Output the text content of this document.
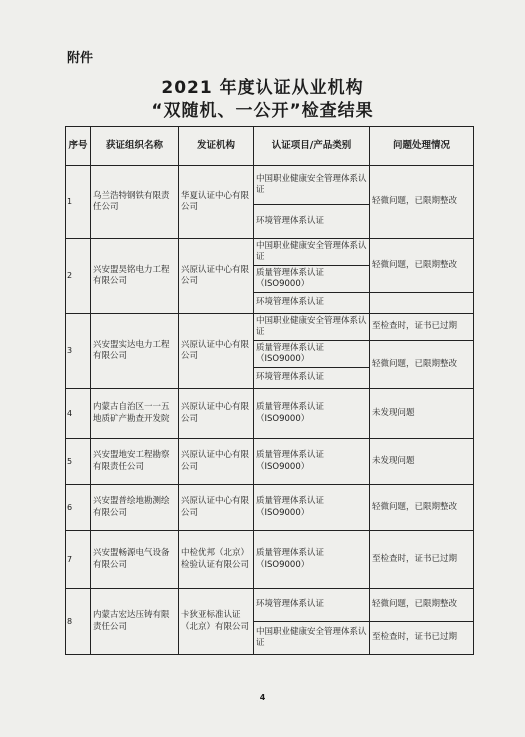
附件
2021 年度认证从业机构
“双随机、一公开”检查结果
序号	获证组织名称	发证机构	认证项目/产品类别	问题处理情况
1	乌兰浩特钢铁有限责任公司	华夏认证中心有限公司	中国职业健康安全管理体系认证	轻微问题，已限期整改
			环境管理体系认证	
2	兴安盟昊铭电力工程有限公司	兴原认证中心有限公司	中国职业健康安全管理体系认证	轻微问题，已限期整改
			质量管理体系认证（ISO9000）	
			环境管理体系认证	
3	兴安盟实达电力工程有限公司	兴原认证中心有限公司	中国职业健康安全管理体系认证	至检查时，证书已过期
			质量管理体系认证（ISO9000）	轻微问题，已限期整改
			环境管理体系认证	
4	内蒙古自治区一一五地质矿产勘查开发院	兴原认证中心有限公司	质量管理体系认证（ISO9000）	未发现问题
5	兴安盟地安工程勘察有限责任公司	兴原认证中心有限公司	质量管理体系认证（ISO9000）	未发现问题
6	兴安盟普绘地勘测绘有限公司	兴原认证中心有限公司	质量管理体系认证（ISO9000）	轻微问题，已限期整改
7	兴安盟畅源电气设备有限公司	中检优邦（北京）检验认证有限公司	质量管理体系认证（ISO9000）	至检查时，证书已过期
8	内蒙古宏达压铸有限责任公司	卡狄亚标准认证（北京）有限公司	环境管理体系认证	轻微问题，已限期整改
			中国职业健康安全管理体系认证	至检查时，证书已过期
4
